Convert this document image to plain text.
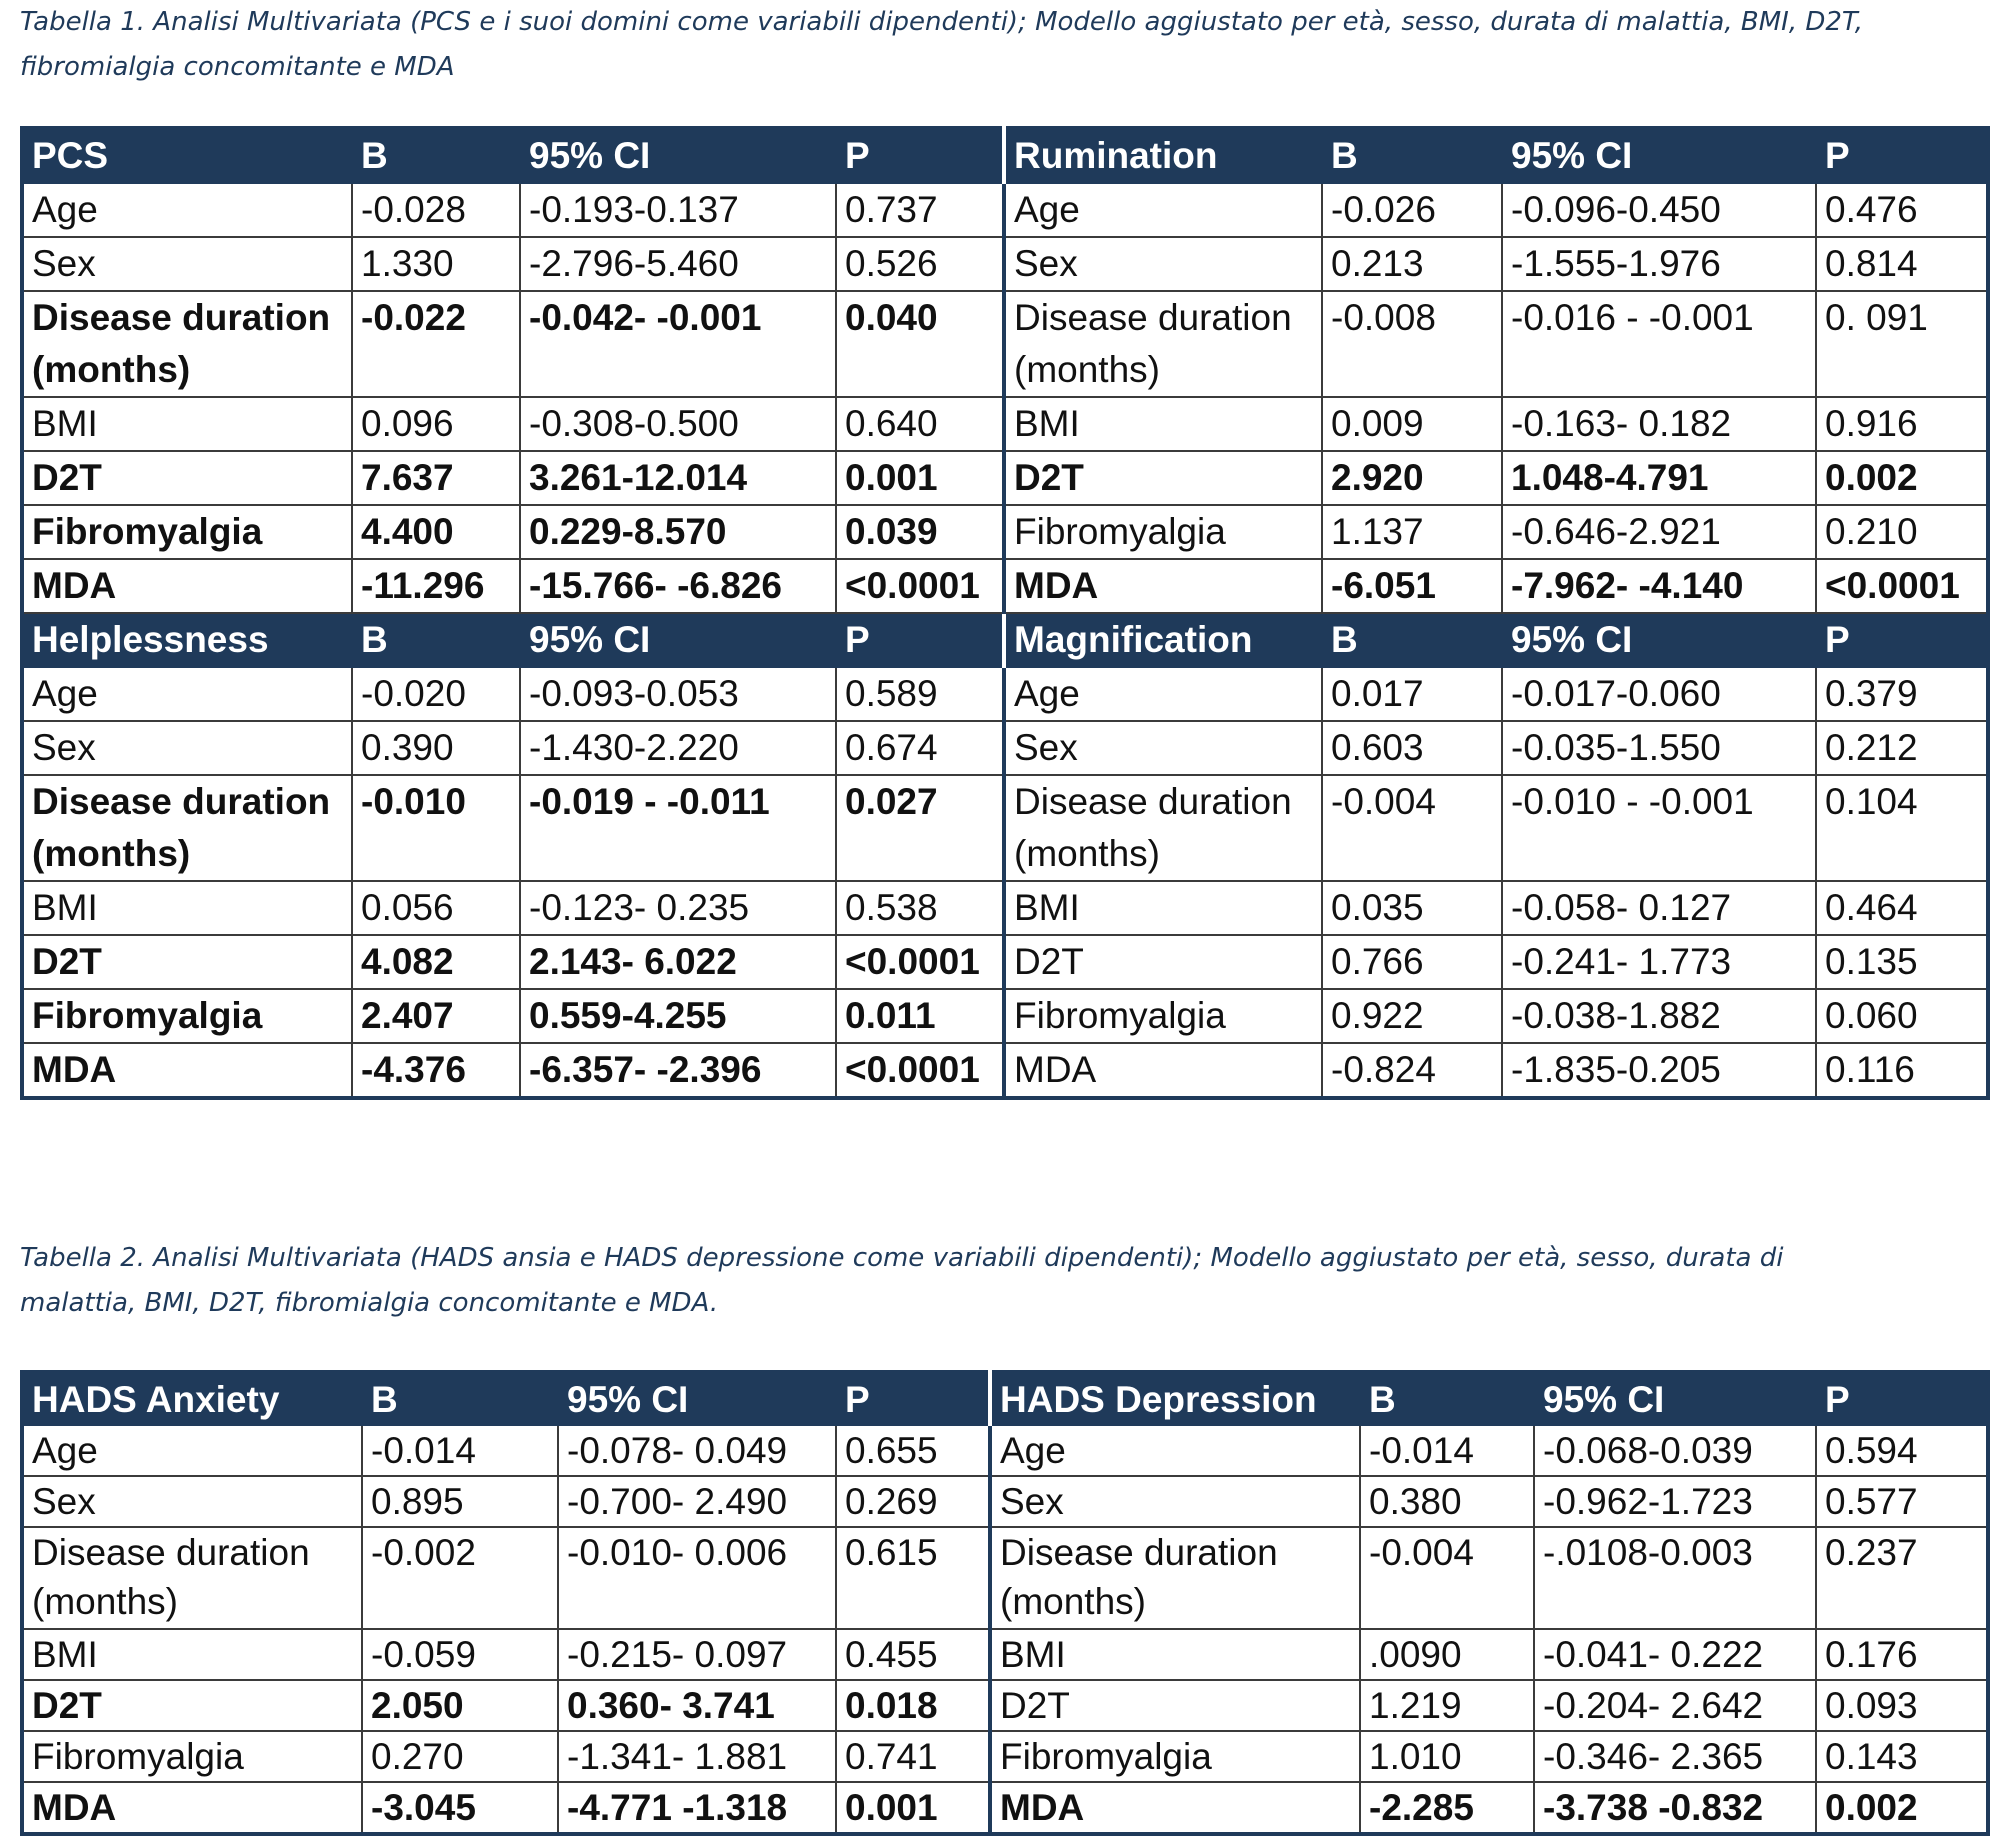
Tabella 1. Analisi Multivariata (PCS e i suoi domini come variabili dipendenti); Modello aggiustato per età, sesso, durata di malattia, BMI, D2T, fibromialgia concomitante e MDA
PCS	B	95% CI	P	Rumination	B	95% CI	P
Age	-0.028	-0.193-0.137	0.737	Age	-0.026	-0.096-0.450	0.476
Sex	1.330	-2.796-5.460	0.526	Sex	0.213	-1.555-1.976	0.814
Disease duration (months)	-0.022	-0.042- -0.001	0.040	Disease duration (months)	-0.008	-0.016 - -0.001	0. 091
BMI	0.096	-0.308-0.500	0.640	BMI	0.009	-0.163- 0.182	0.916
D2T	7.637	3.261-12.014	0.001	D2T	2.920	1.048-4.791	0.002
Fibromyalgia	4.400	0.229-8.570	0.039	Fibromyalgia	1.137	-0.646-2.921	0.210
MDA	-11.296	-15.766- -6.826	<0.0001	MDA	-6.051	-7.962- -4.140	<0.0001
Helplessness	B	95% CI	P	Magnification	B	95% CI	P
Age	-0.020	-0.093-0.053	0.589	Age	0.017	-0.017-0.060	0.379
Sex	0.390	-1.430-2.220	0.674	Sex	0.603	-0.035-1.550	0.212
Disease duration (months)	-0.010	-0.019 - -0.011	0.027	Disease duration (months)	-0.004	-0.010 - -0.001	0.104
BMI	0.056	-0.123- 0.235	0.538	BMI	0.035	-0.058- 0.127	0.464
D2T	4.082	2.143- 6.022	<0.0001	D2T	0.766	-0.241- 1.773	0.135
Fibromyalgia	2.407	0.559-4.255	0.011	Fibromyalgia	0.922	-0.038-1.882	0.060
MDA	-4.376	-6.357- -2.396	<0.0001	MDA	-0.824	-1.835-0.205	0.116
Tabella 2. Analisi Multivariata (HADS ansia e HADS depressione come variabili dipendenti); Modello aggiustato per età, sesso, durata di malattia, BMI, D2T, fibromialgia concomitante e MDA.
HADS Anxiety	B	95% CI	P	HADS Depression	B	95% CI	P
Age	-0.014	-0.078- 0.049	0.655	Age	-0.014	-0.068-0.039	0.594
Sex	0.895	-0.700- 2.490	0.269	Sex	0.380	-0.962-1.723	0.577
Disease duration (months)	-0.002	-0.010- 0.006	0.615	Disease duration (months)	-0.004	-.0108-0.003	0.237
BMI	-0.059	-0.215- 0.097	0.455	BMI	.0090	-0.041- 0.222	0.176
D2T	2.050	0.360- 3.741	0.018	D2T	1.219	-0.204- 2.642	0.093
Fibromyalgia	0.270	-1.341- 1.881	0.741	Fibromyalgia	1.010	-0.346- 2.365	0.143
MDA	-3.045	-4.771 -1.318	0.001	MDA	-2.285	-3.738 -0.832	0.002
